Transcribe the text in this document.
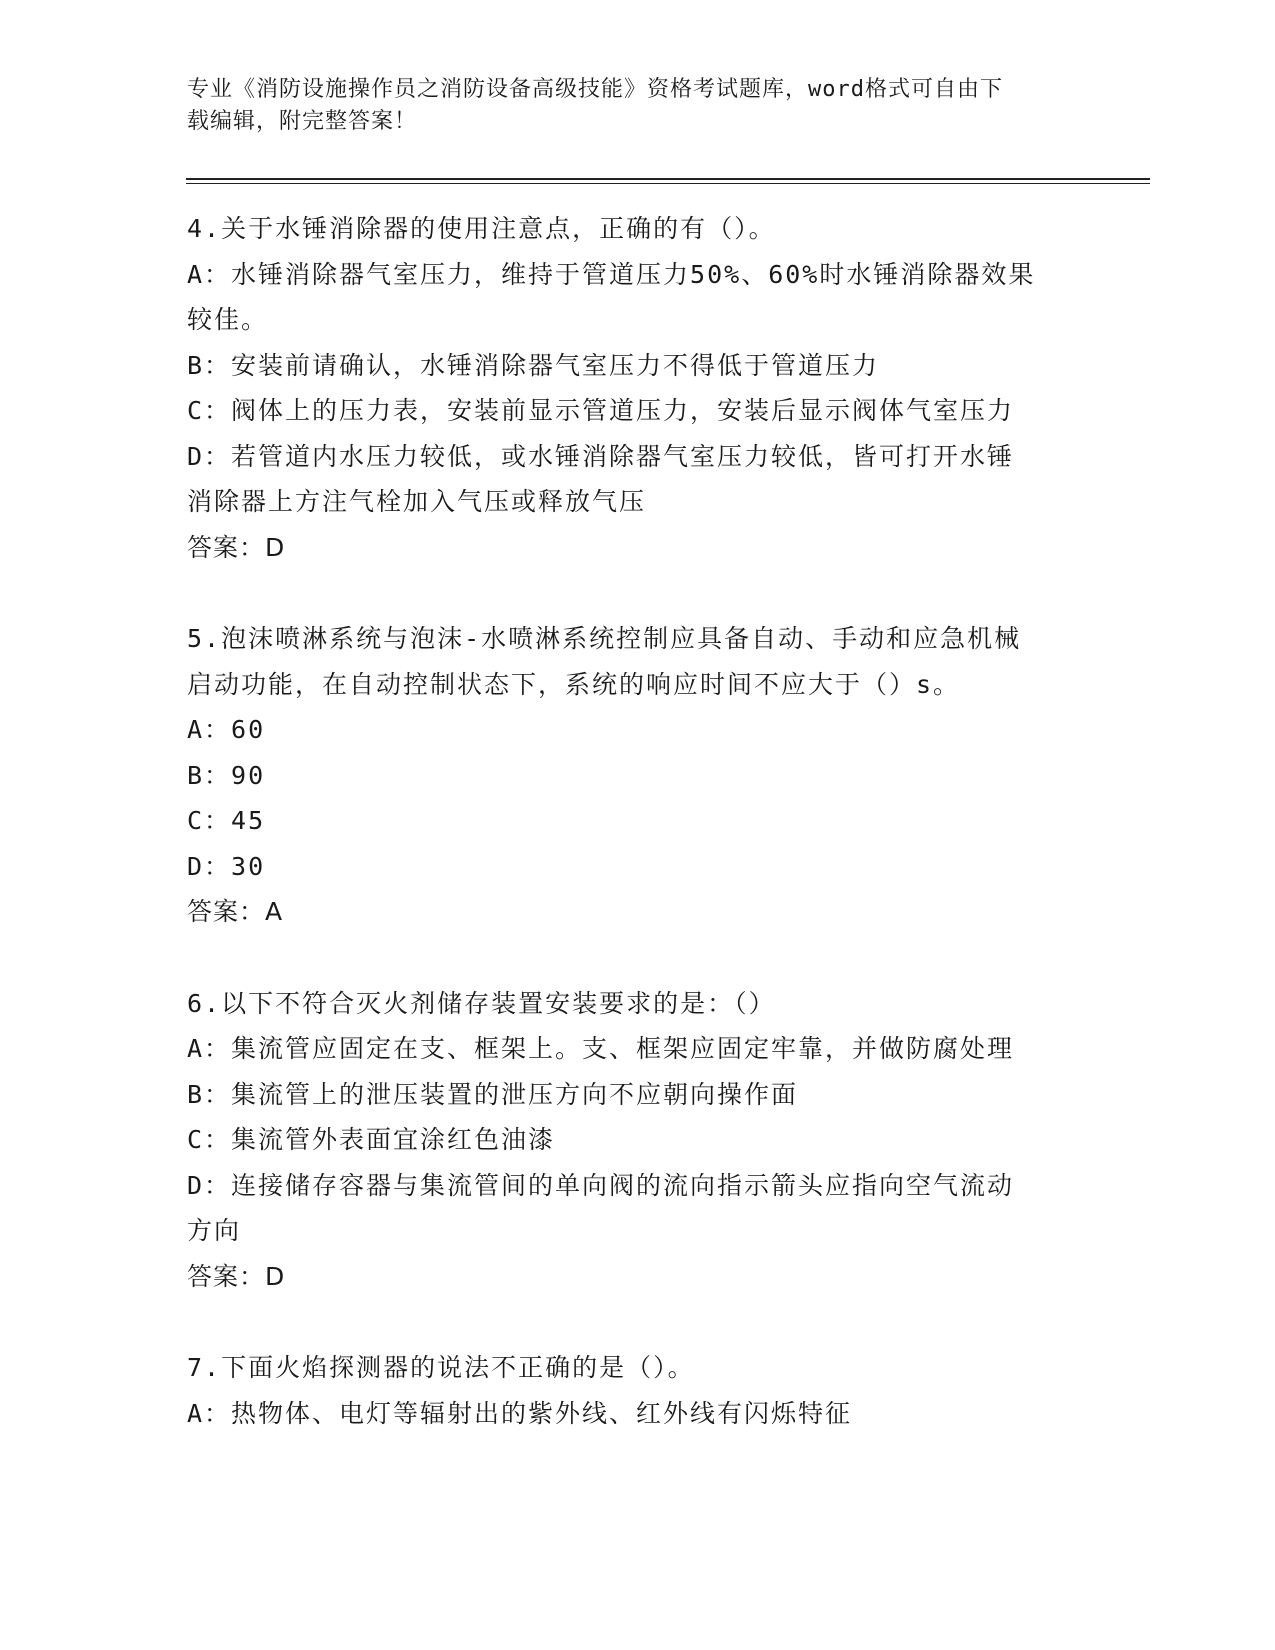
专业《消防设施操作员之消防设备高级技能》资格考试题库，word格式可自由下
载编辑，附完整答案！
4.关于水锤消除器的使用注意点，正确的有（）。
A：水锤消除器气室压力，维持于管道压力50%、60%时水锤消除器效果
较佳。
B：安装前请确认，水锤消除器气室压力不得低于管道压力
C：阀体上的压力表，安装前显示管道压力，安装后显示阀体气室压力
D：若管道内水压力较低，或水锤消除器气室压力较低，皆可打开水锤
消除器上方注气栓加入气压或释放气压
答案：D
5.泡沫喷淋系统与泡沫-水喷淋系统控制应具备自动、手动和应急机械
启动功能，在自动控制状态下，系统的响应时间不应大于（）s。
A：60
B：90
C：45
D：30
答案：A
6.以下不符合灭火剂储存装置安装要求的是：（）
A：集流管应固定在支、框架上。支、框架应固定牢靠，并做防腐处理
B：集流管上的泄压装置的泄压方向不应朝向操作面
C：集流管外表面宜涂红色油漆
D：连接储存容器与集流管间的单向阀的流向指示箭头应指向空气流动
方向
答案：D
7.下面火焰探测器的说法不正确的是（）。
A：热物体、电灯等辐射出的紫外线、红外线有闪烁特征
